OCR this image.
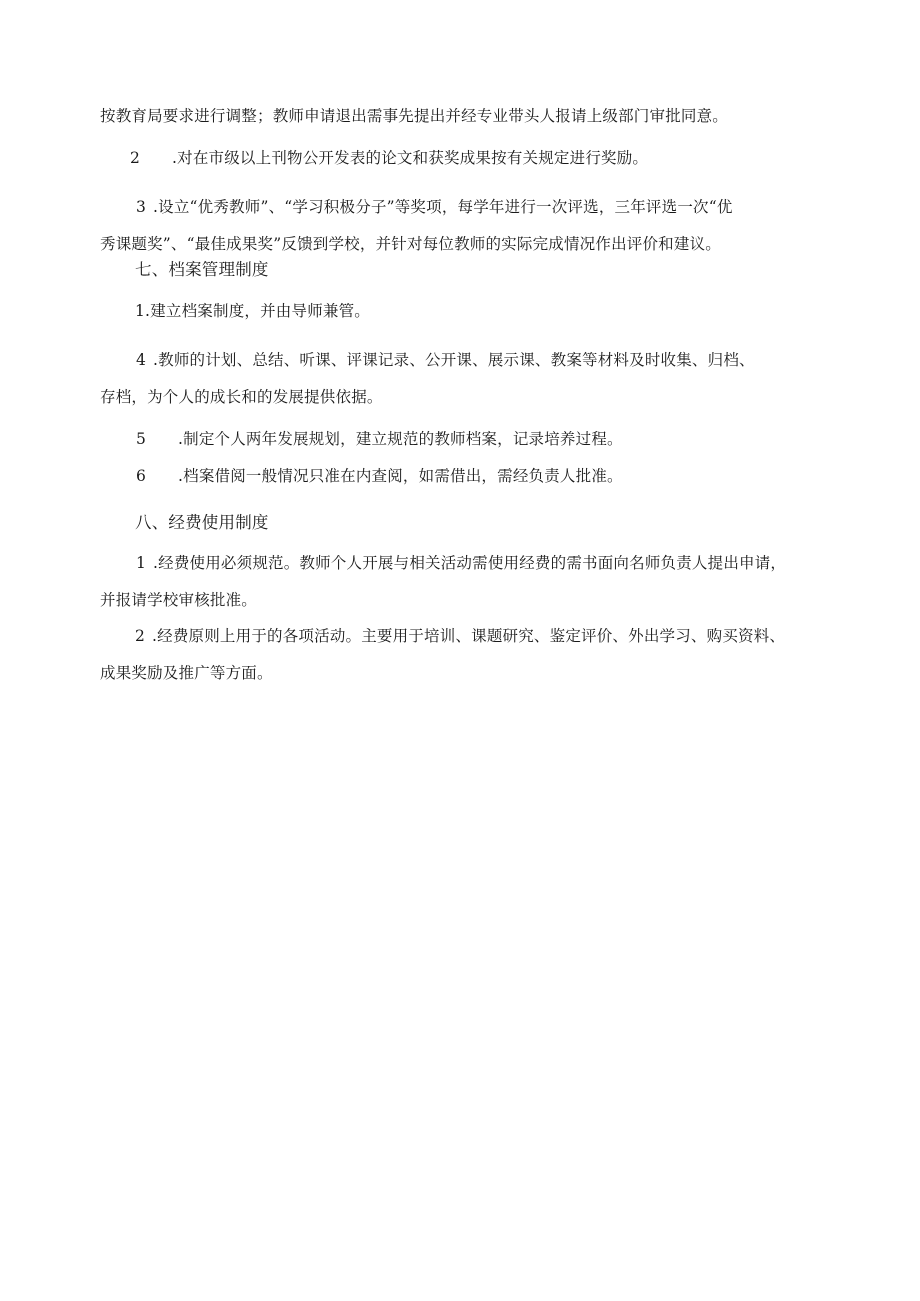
按教育局要求进行调整；教师申请退出需事先提出并经专业带头人报请上级部门审批同意。
2 .对在市级以上刊物公开发表的论文和获奖成果按有关规定进行奖励。
3 .设立“优秀教师”、“学习积极分子”等奖项，每学年进行一次评选，三年评选一次“优
秀课题奖”、“最佳成果奖”反馈到学校，并针对每位教师的实际完成情况作出评价和建议。
七、档案管理制度
1.建立档案制度，并由导师兼管。
4 .教师的计划、总结、听课、评课记录、公开课、展示课、教案等材料及时收集、归档、
存档，为个人的成长和的发展提供依据。
5 .制定个人两年发展规划，建立规范的教师档案，记录培养过程。
6 .档案借阅一般情况只准在内查阅，如需借出，需经负责人批准。
八、经费使用制度
1 .经费使用必须规范。教师个人开展与相关活动需使用经费的需书面向名师负责人提出申请，
并报请学校审核批准。
2 .经费原则上用于的各项活动。主要用于培训、课题研究、鉴定评价、外出学习、购买资料、
成果奖励及推广等方面。
